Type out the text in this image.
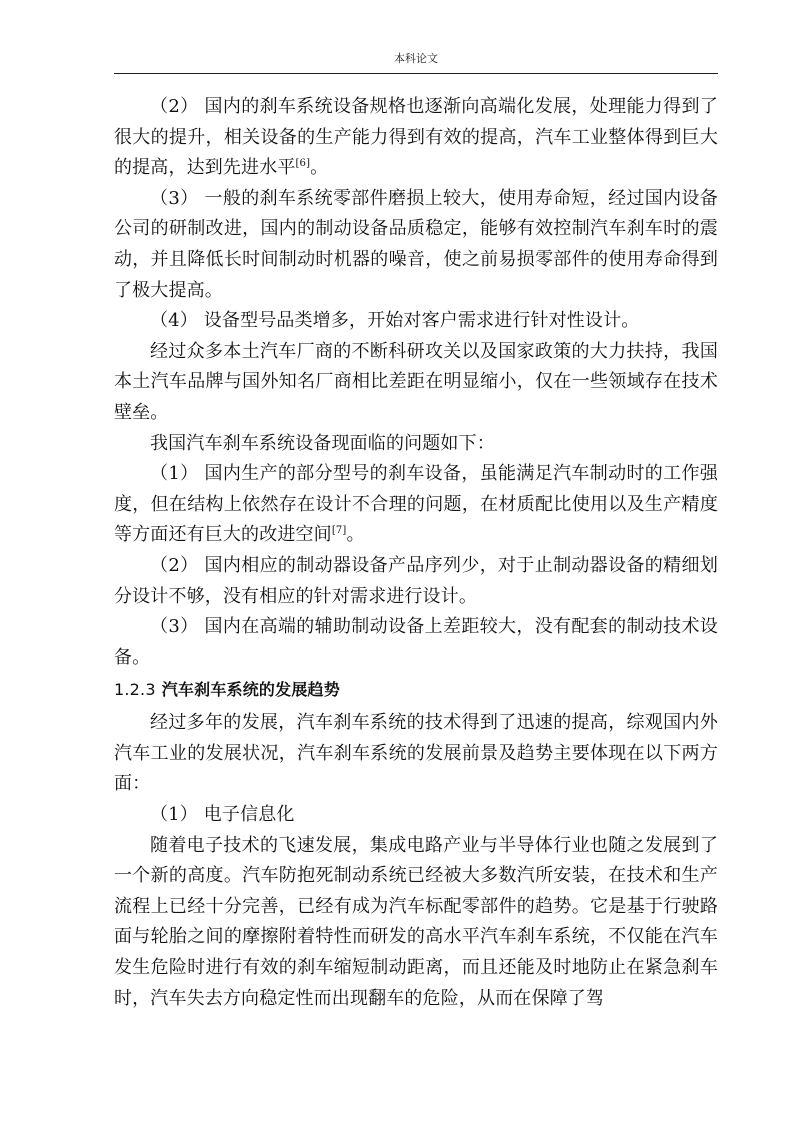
本科论文

（2） 国内的刹车系统设备规格也逐渐向高端化发展，处理能力得到了很大的提升，相关设备的生产能力得到有效的提高，汽车工业整体得到巨大的提高，达到先进水平[6]。

（3） 一般的刹车系统零部件磨损上较大，使用寿命短，经过国内设备公司的研制改进，国内的制动设备品质稳定，能够有效控制汽车刹车时的震动，并且降低长时间制动时机器的噪音，使之前易损零部件的使用寿命得到了极大提高。

（4） 设备型号品类增多，开始对客户需求进行针对性设计。

经过众多本土汽车厂商的不断科研攻关以及国家政策的大力扶持，我国本土汽车品牌与国外知名厂商相比差距在明显缩小，仅在一些领域存在技术壁垒。

我国汽车刹车系统设备现面临的问题如下：

（1） 国内生产的部分型号的刹车设备，虽能满足汽车制动时的工作强度，但在结构上依然存在设计不合理的问题，在材质配比使用以及生产精度等方面还有巨大的改进空间[7]。

（2） 国内相应的制动器设备产品序列少，对于止制动器设备的精细划分设计不够，没有相应的针对需求进行设计。

（3） 国内在高端的辅助制动设备上差距较大，没有配套的制动技术设备。

1.2.3 汽车刹车系统的发展趋势

经过多年的发展，汽车刹车系统的技术得到了迅速的提高，综观国内外汽车工业的发展状况，汽车刹车系统的发展前景及趋势主要体现在以下两方面：

（1） 电子信息化

随着电子技术的飞速发展，集成电路产业与半导体行业也随之发展到了一个新的高度。汽车防抱死制动系统已经被大多数汽所安装，在技术和生产流程上已经十分完善，已经有成为汽车标配零部件的趋势。它是基于行驶路面与轮胎之间的摩擦附着特性而研发的高水平汽车刹车系统，不仅能在汽车发生危险时进行有效的刹车缩短制动距离，而且还能及时地防止在紧急刹车时，汽车失去方向稳定性而出现翻车的危险，从而在保障了驾
